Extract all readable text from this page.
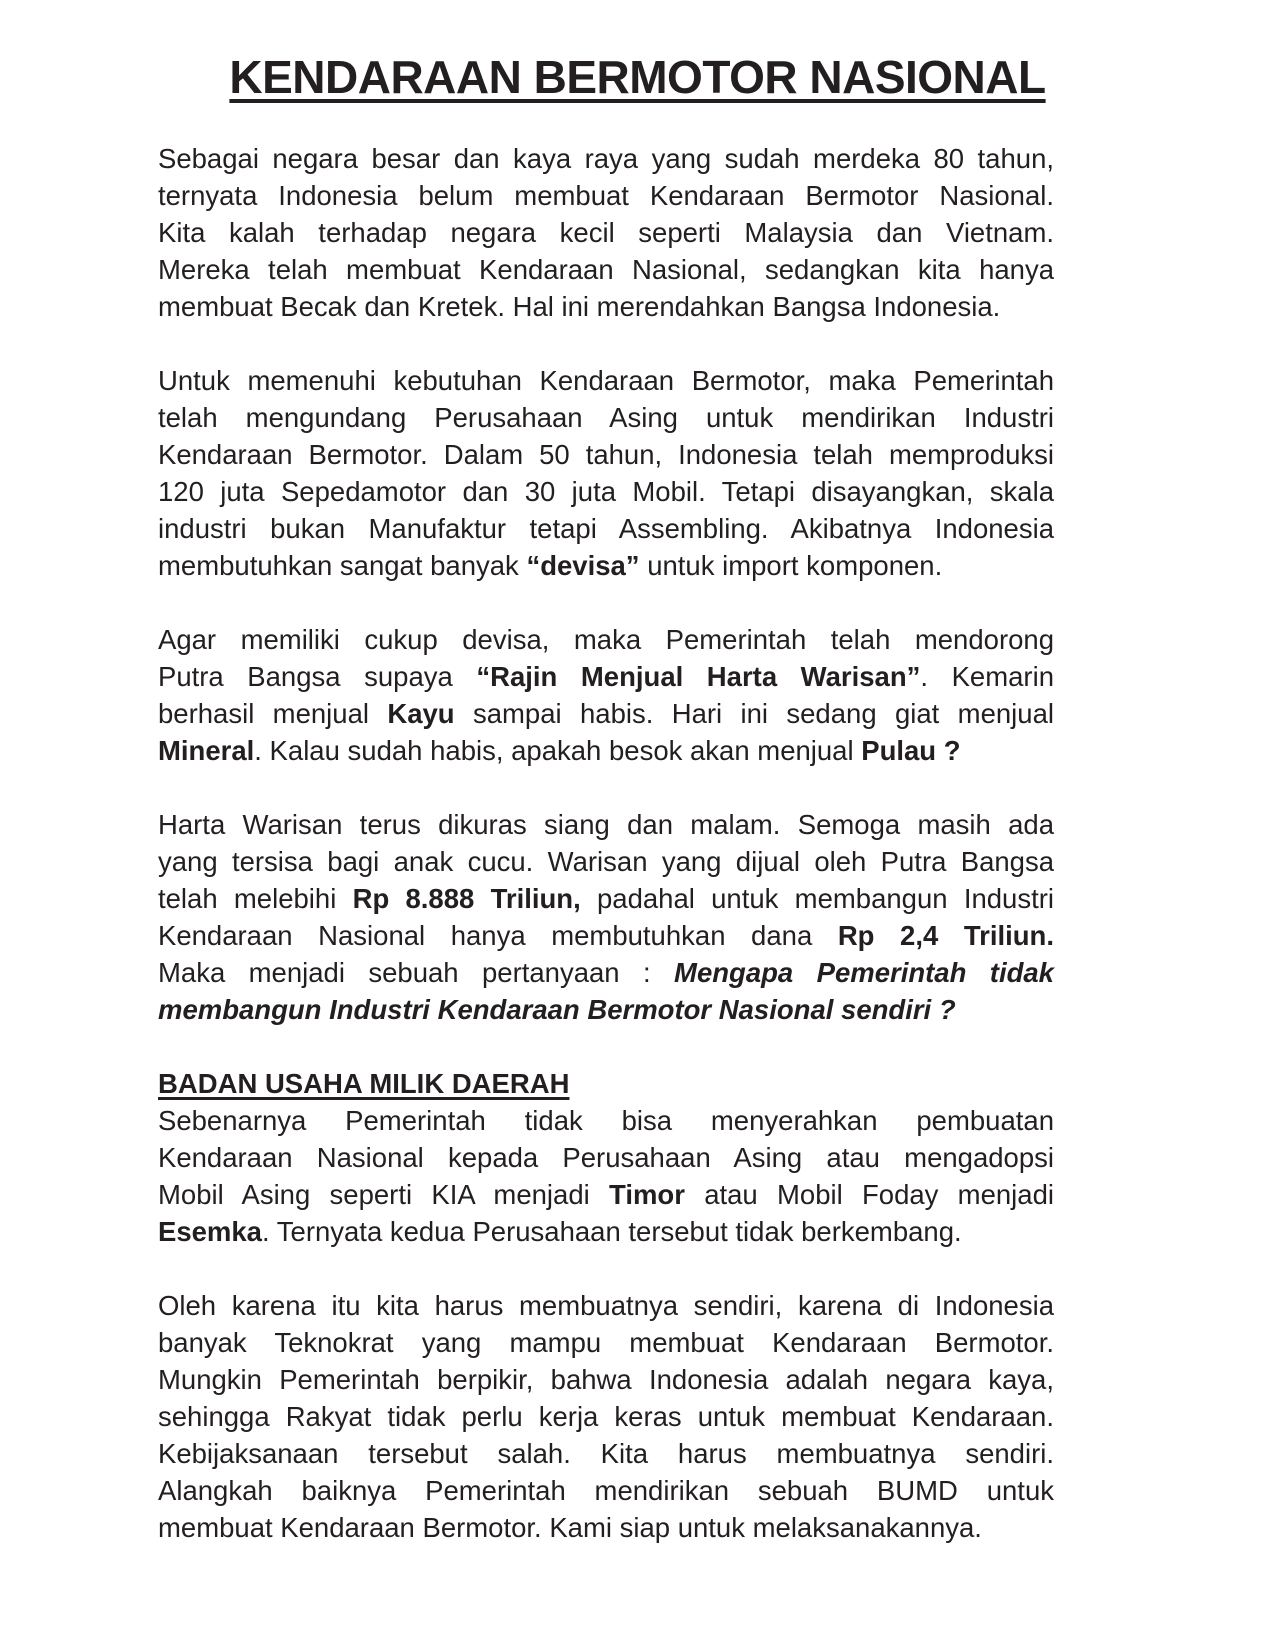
KENDARAAN BERMOTOR NASIONAL
Sebagai negara besar dan kaya raya yang sudah merdeka 80 tahun,
ternyata Indonesia belum membuat Kendaraan Bermotor Nasional.
Kita kalah terhadap negara kecil seperti Malaysia dan Vietnam.
Mereka telah membuat Kendaraan Nasional, sedangkan kita hanya
membuat Becak dan Kretek. Hal ini merendahkan Bangsa Indonesia.
Untuk memenuhi kebutuhan Kendaraan Bermotor, maka Pemerintah
telah mengundang Perusahaan Asing untuk mendirikan Industri
Kendaraan Bermotor. Dalam 50 tahun, Indonesia telah memproduksi
120 juta Sepedamotor dan 30 juta Mobil. Tetapi disayangkan, skala
industri bukan Manufaktur tetapi Assembling. Akibatnya Indonesia
membutuhkan sangat banyak “devisa” untuk import komponen.
Agar memiliki cukup devisa, maka Pemerintah telah mendorong
Putra Bangsa supaya “Rajin Menjual Harta Warisan”. Kemarin
berhasil menjual Kayu sampai habis. Hari ini sedang giat menjual
Mineral. Kalau sudah habis, apakah besok akan menjual Pulau ?
Harta Warisan terus dikuras siang dan malam. Semoga masih ada
yang tersisa bagi anak cucu. Warisan yang dijual oleh Putra Bangsa
telah melebihi Rp 8.888 Triliun, padahal untuk membangun Industri
Kendaraan Nasional hanya membutuhkan dana Rp 2,4 Triliun.
Maka menjadi sebuah pertanyaan : Mengapa Pemerintah tidak
membangun Industri Kendaraan Bermotor Nasional sendiri ?
BADAN USAHA MILIK DAERAH
Sebenarnya Pemerintah tidak bisa menyerahkan pembuatan
Kendaraan Nasional kepada Perusahaan Asing atau mengadopsi
Mobil Asing seperti KIA menjadi Timor atau Mobil Foday menjadi
Esemka. Ternyata kedua Perusahaan tersebut tidak berkembang.
Oleh karena itu kita harus membuatnya sendiri, karena di Indonesia
banyak Teknokrat yang mampu membuat Kendaraan Bermotor.
Mungkin Pemerintah berpikir, bahwa Indonesia adalah negara kaya,
sehingga Rakyat tidak perlu kerja keras untuk membuat Kendaraan.
Kebijaksanaan tersebut salah. Kita harus membuatnya sendiri.
Alangkah baiknya Pemerintah mendirikan sebuah BUMD untuk
membuat Kendaraan Bermotor. Kami siap untuk melaksanakannya.
